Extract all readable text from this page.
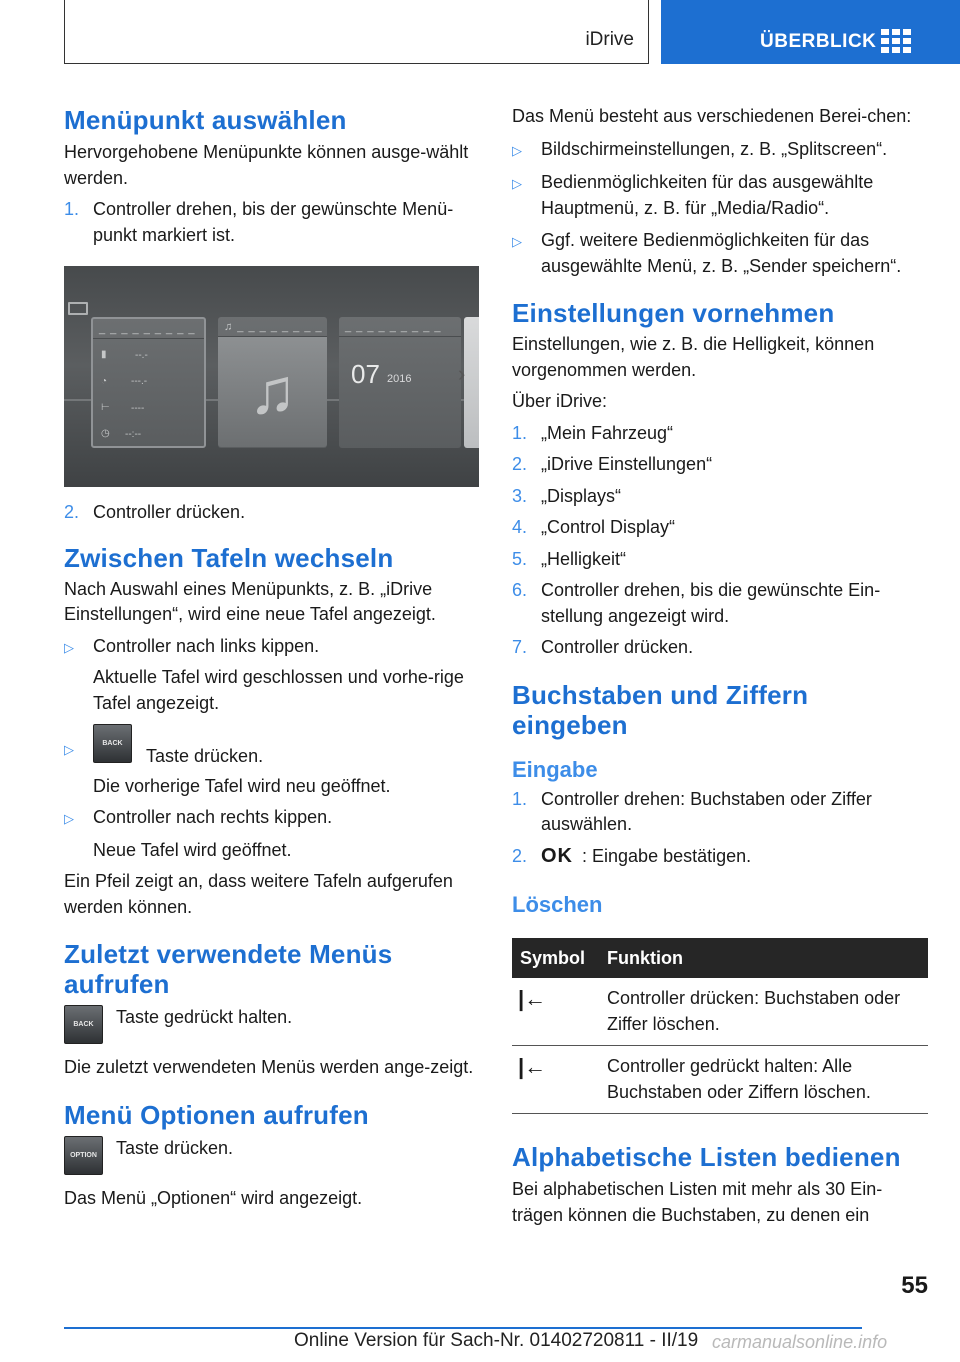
iDrive	ÜBERBLICK
Menüpunkt auswählen
Hervorgehobene Menüpunkte können ausge‐wählt werden.
1. Controller drehen, bis der gewünschte Menü‐punkt markiert ist.
_ _ _ _ _ _ _ _ _
▮	--.-
◔ ---.-
⊢ ----
◷ --:--
♫ _ _ _ _ _ _ _ _
♫
_ _ _ _ _ _ _ _ _
07 2016 ›
2. Controller drücken.
Zwischen Tafeln wechseln
Nach Auswahl eines Menüpunkts, z. B. „iDrive Einstellungen“, wird eine neue Tafel angezeigt.
▷	Controller nach links kippen.
Aktuelle Tafel wird geschlossen und vorhe‐rige Tafel angezeigt.
▷	BACK Taste drücken.
Die vorherige Tafel wird neu geöffnet.
▷	Controller nach rechts kippen.
Neue Tafel wird geöffnet.
Ein Pfeil zeigt an, dass weitere Tafeln aufgerufen werden können.
Zuletzt verwendete Menüs aufrufen
BACK	Taste gedrückt halten.
Die zuletzt verwendeten Menüs werden ange‐zeigt.
Menü Optionen aufrufen
OPTION	Taste drücken.
Das Menü „Optionen“ wird angezeigt.
Das Menü besteht aus verschiedenen Berei‐chen:
▷	Bildschirmeinstellungen, z. B. „Splitscreen“.
▷	Bedienmöglichkeiten für das ausgewählte Hauptmenü, z. B. für „Media/Radio“.
▷	Ggf. weitere Bedienmöglichkeiten für das ausgewählte Menü, z. B. „Sender speichern“.
Einstellungen vornehmen
Einstellungen, wie z. B. die Helligkeit, können vorgenommen werden.
Über iDrive:
1. „Mein Fahrzeug“
2. „iDrive Einstellungen“
3. „Displays“
4. „Control Display“
5. „Helligkeit“
6. Controller drehen, bis die gewünschte Ein‐stellung angezeigt wird.
7. Controller drücken.
Buchstaben und Ziffern eingeben
Eingabe
1. Controller drehen: Buchstaben oder Ziffer auswählen.
2. OK : Eingabe bestätigen.
Löschen
Symbol	Funktion
|←	Controller drücken: Buchstaben oder Ziffer löschen.
|←	Controller gedrückt halten: Alle Buchstaben oder Ziffern löschen.
Alphabetische Listen bedienen
Bei alphabetischen Listen mit mehr als 30 Ein‐trägen können die Buchstaben, zu denen ein
55
Online Version für Sach-Nr. 01402720811 - II/19 carmanualsonline.info
